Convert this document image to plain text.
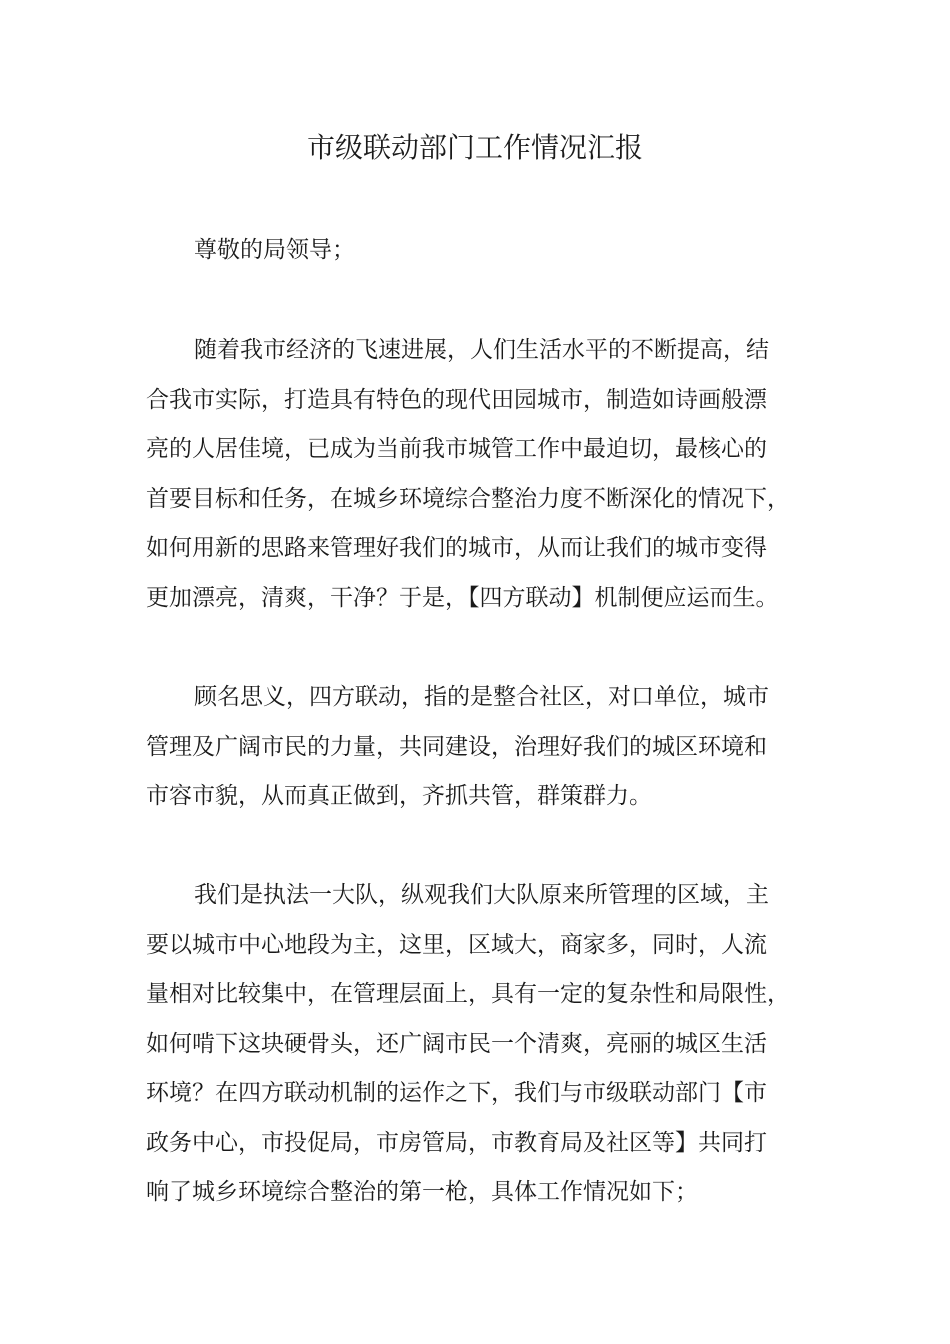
市级联动部门工作情况汇报

尊敬的局领导；

随着我市经济的飞速进展，人们生活水平的不断提高，结
合我市实际，打造具有特色的现代田园城市，制造如诗画般漂
亮的人居佳境，已成为当前我市城管工作中最迫切，最核心的
首要目标和任务，在城乡环境综合整治力度不断深化的情况下，
如何用新的思路来管理好我们的城市，从而让我们的城市变得
更加漂亮，清爽，干净？于是，【四方联动】机制便应运而生。

顾名思义，四方联动，指的是整合社区，对口单位，城市
管理及广阔市民的力量，共同建设，治理好我们的城区环境和
市容市貌，从而真正做到，齐抓共管，群策群力。

我们是执法一大队，纵观我们大队原来所管理的区域，主
要以城市中心地段为主，这里，区域大，商家多，同时，人流
量相对比较集中，在管理层面上，具有一定的复杂性和局限性，
如何啃下这块硬骨头，还广阔市民一个清爽，亮丽的城区生活
环境？在四方联动机制的运作之下，我们与市级联动部门【市
政务中心，市投促局，市房管局，市教育局及社区等】共同打
响了城乡环境综合整治的第一枪，具体工作情况如下；
